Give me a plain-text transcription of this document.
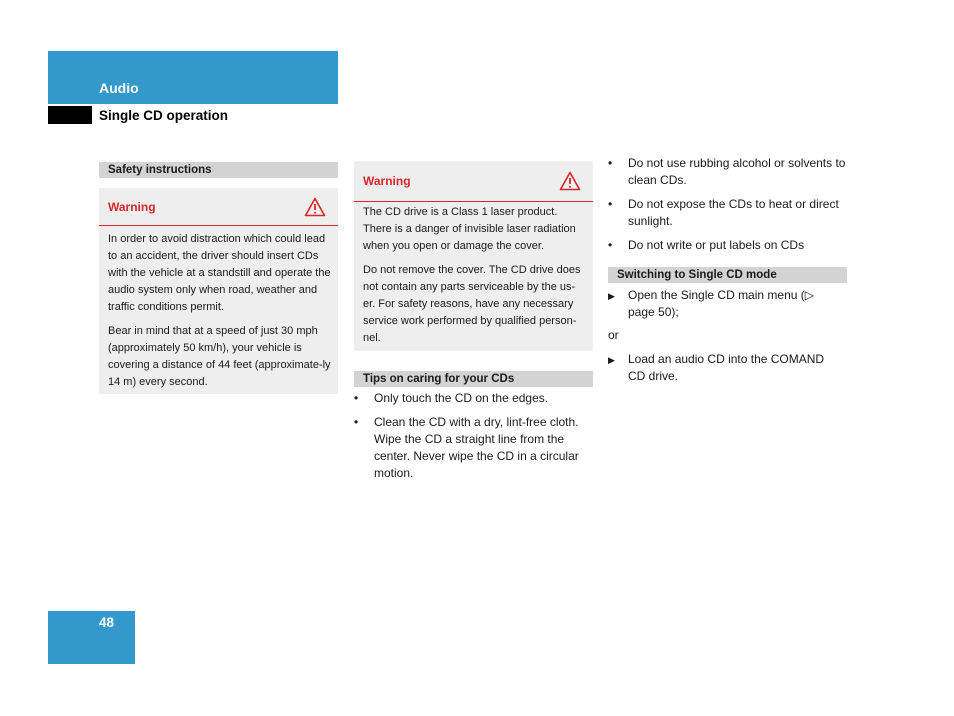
Audio
Single CD operation
Safety instructions
Warning

In order to avoid distraction which could lead to an accident, the driver should insert CDs with the vehicle at a standstill and operate the audio system only when road, weather and traffic conditions permit.

Bear in mind that at a speed of just 30 mph (approximately 50 km/h), your vehicle is covering a distance of 44 feet (approximate-ly 14 m) every second.

Warning

The CD drive is a Class 1 laser product. There is a danger of invisible laser radiation when you open or damage the cover.

Do not remove the cover. The CD drive does not contain any parts serviceable by the us-er. For safety reasons, have any necessary service work performed by qualified person-nel.

Tips on caring for your CDs
• Only touch the CD on the edges.
• Clean the CD with a dry, lint-free cloth. Wipe the CD a straight line from the center. Never wipe the CD in a circular motion.
• Do not use rubbing alcohol or solvents to clean CDs.
• Do not expose the CDs to heat or direct sunlight.
• Do not write or put labels on CDs
Switching to Single CD mode
▶ Open the Single CD main menu (▷ page 50);

or

▶ Load an audio CD into the COMAND CD drive.
48
